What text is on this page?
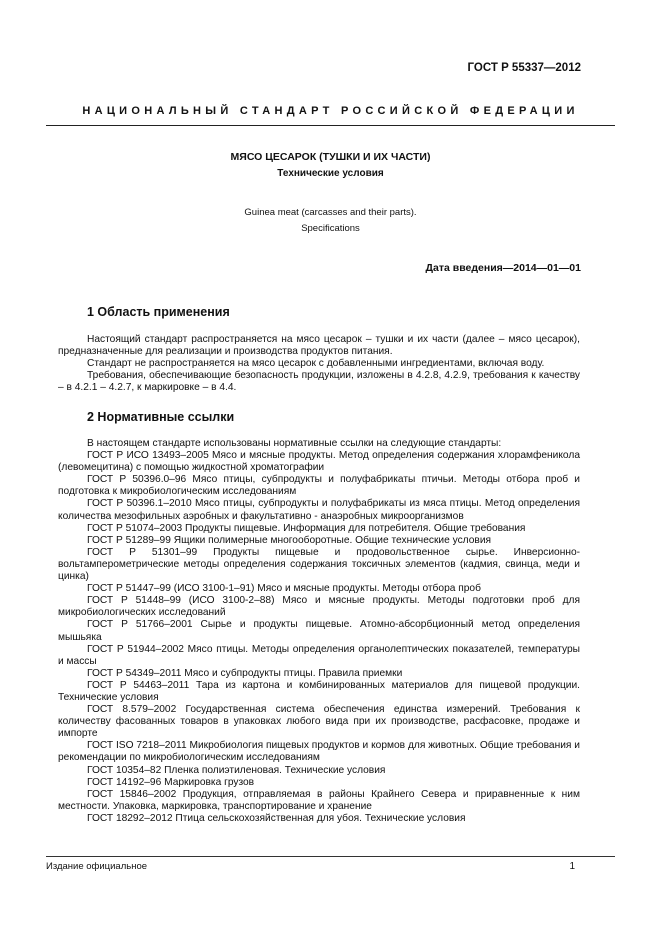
ГОСТ Р 55337—2012
НАЦИОНАЛЬНЫЙ СТАНДАРТ РОССИЙСКОЙ ФЕДЕРАЦИИ
МЯСО ЦЕСАРОК (ТУШКИ И ИХ ЧАСТИ)
Технические условия
Guinea meat (carcasses and their parts).
Specifications
Дата введения—2014—01—01
1 Область применения

Настоящий стандарт распространяется на мясо цесарок – тушки и их части (далее – мясо цесарок), предназначенные для реализации и производства продуктов питания.

Стандарт не распространяется на мясо цесарок с добавленными ингредиентами, включая воду.

Требования, обеспечивающие безопасность продукции, изложены в 4.2.8, 4.2.9, требования к качеству – в 4.2.1 – 4.2.7, к маркировке – в 4.4.

2 Нормативные ссылки

В настоящем стандарте использованы нормативные ссылки на следующие стандарты:

ГОСТ Р ИСО 13493–2005 Мясо и мясные продукты. Метод определения содержания хлорамфеникола (левомецитина) с помощью жидкостной хроматографии

ГОСТ Р 50396.0–96 Мясо птицы, субпродукты и полуфабрикаты птичьи. Методы отбора проб и подготовка к микробиологическим исследованиям

ГОСТ Р 50396.1–2010 Мясо птицы, субпродукты и полуфабрикаты из мяса птицы. Метод определения количества мезофильных аэробных и факультативно - анаэробных микроорганизмов

ГОСТ Р 51074–2003 Продукты пищевые. Информация для потребителя. Общие требования

ГОСТ Р 51289–99 Ящики полимерные многооборотные. Общие технические условия

ГОСТ Р 51301–99 Продукты пищевые и продовольственное сырье. Инверсионно-вольтамперометрические методы определения содержания токсичных элементов (кадмия, свинца, меди и цинка)

ГОСТ Р 51447–99 (ИСО 3100-1–91) Мясо и мясные продукты. Методы отбора проб

ГОСТ Р 51448–99 (ИСО 3100-2–88) Мясо и мясные продукты. Методы подготовки проб для микробиологических исследований

ГОСТ Р 51766–2001 Сырье и продукты пищевые. Атомно-абсорбционный метод определения мышьяка

ГОСТ Р 51944–2002 Мясо птицы. Методы определения органолептических показателей, температуры и массы

ГОСТ Р 54349–2011 Мясо и субпродукты птицы. Правила приемки

ГОСТ Р 54463–2011 Тара из картона и комбинированных материалов для пищевой продукции. Технические условия

ГОСТ 8.579–2002 Государственная система обеспечения единства измерений. Требования к количеству фасованных товаров в упаковках любого вида при их производстве, расфасовке, продаже и импорте

ГОСТ ISO 7218–2011 Микробиология пищевых продуктов и кормов для животных. Общие требования и рекомендации по микробиологическим исследованиям

ГОСТ 10354–82 Пленка полиэтиленовая. Технические условия

ГОСТ 14192–96 Маркировка грузов

ГОСТ 15846–2002 Продукция, отправляемая в районы Крайнего Севера и приравненные к ним местности. Упаковка, маркировка, транспортирование и хранение

ГОСТ 18292–2012 Птица сельскохозяйственная для убоя. Технические условия

Издание официальное	1
